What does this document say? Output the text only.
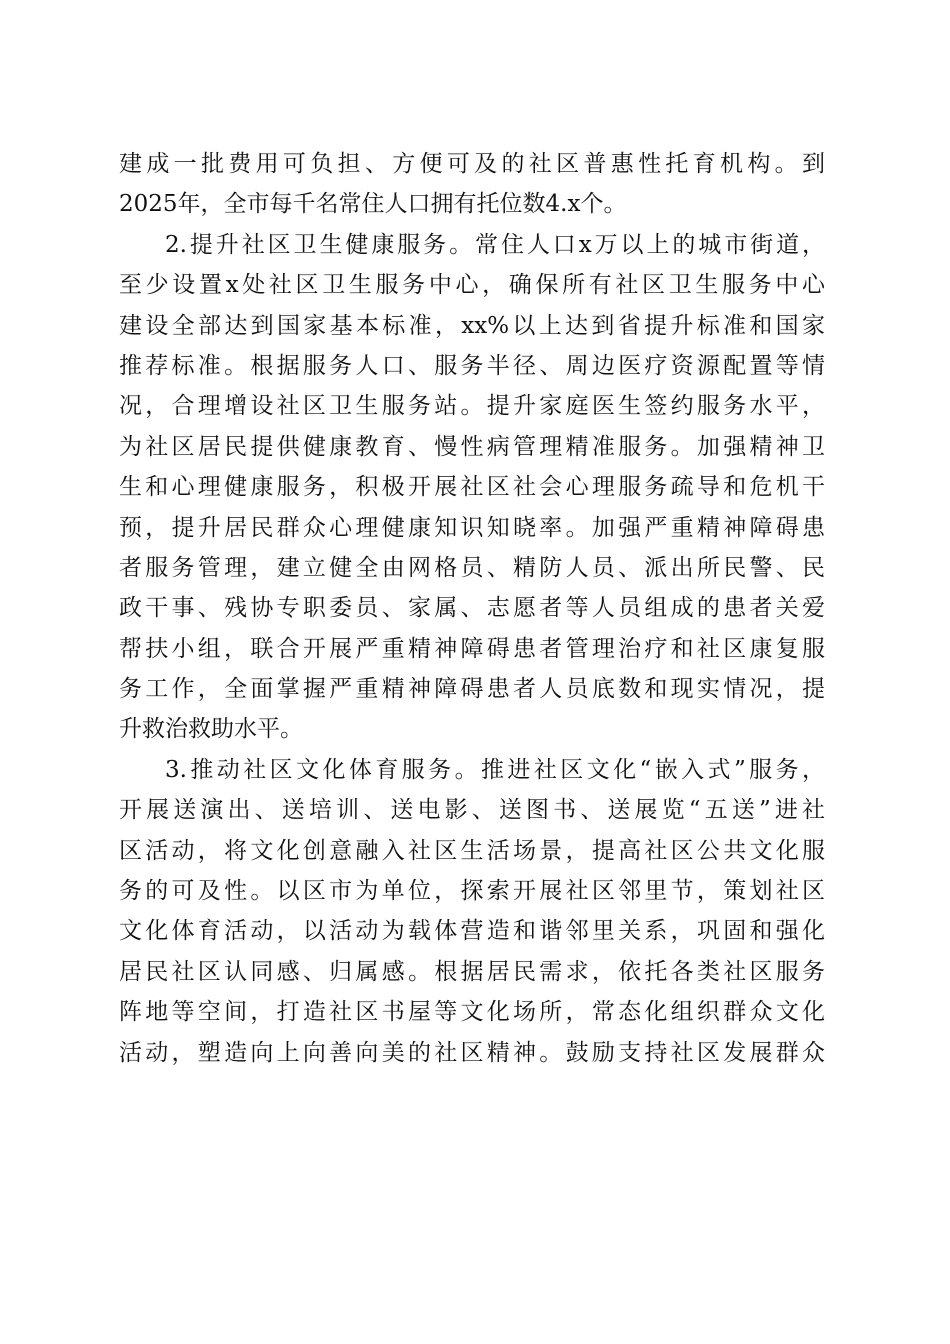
建成一批费用可负担、方便可及的社区普惠性托育机构。到
2025年，全市每千名常住人口拥有托位数4.x个。
2.提升社区卫生健康服务。常住人口x万以上的城市街道，
至少设置x处社区卫生服务中心，确保所有社区卫生服务中心
建设全部达到国家基本标准，xx%以上达到省提升标准和国家
推荐标准。根据服务人口、服务半径、周边医疗资源配置等情
况，合理增设社区卫生服务站。提升家庭医生签约服务水平，
为社区居民提供健康教育、慢性病管理精准服务。加强精神卫
生和心理健康服务，积极开展社区社会心理服务疏导和危机干
预，提升居民群众心理健康知识知晓率。加强严重精神障碍患
者服务管理，建立健全由网格员、精防人员、派出所民警、民
政干事、残协专职委员、家属、志愿者等人员组成的患者关爱
帮扶小组，联合开展严重精神障碍患者管理治疗和社区康复服
务工作，全面掌握严重精神障碍患者人员底数和现实情况，提
升救治救助水平。
3.推动社区文化体育服务。推进社区文化“嵌入式”服务，
开展送演出、送培训、送电影、送图书、送展览“五送”进社
区活动，将文化创意融入社区生活场景，提高社区公共文化服
务的可及性。以区市为单位，探索开展社区邻里节，策划社区
文化体育活动，以活动为载体营造和谐邻里关系，巩固和强化
居民社区认同感、归属感。根据居民需求，依托各类社区服务
阵地等空间，打造社区书屋等文化场所，常态化组织群众文化
活动，塑造向上向善向美的社区精神。鼓励支持社区发展群众
